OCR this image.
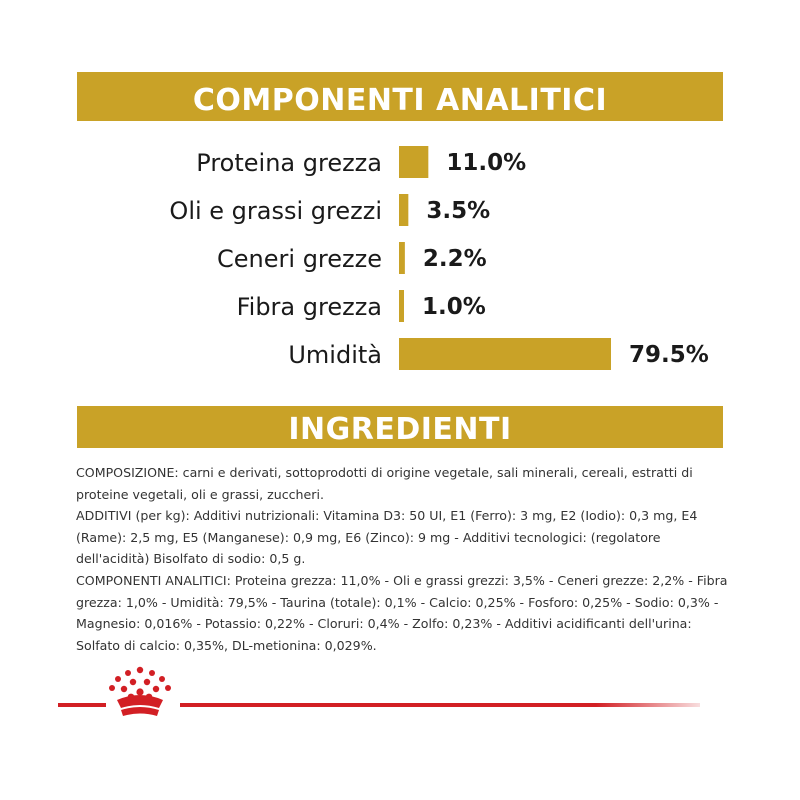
COMPONENTI ANALITICI
Proteina grezza	11.0%
Oli e grassi grezzi 3.5%
Ceneri grezze 2.2%
Fibra grezza 1.0%
Umidità	79.5%
INGREDIENTI

COMPOSIZIONE: carni e derivati, sottoprodotti di origine vegetale, sali minerali, cereali, estratti di proteine vegetali, oli e grassi, zuccheri.

ADDITIVI (per kg): Additivi nutrizionali: Vitamina D3: 50 UI, E1 (Ferro): 3 mg, E2 (Iodio): 0,3 mg, E4 (Rame): 2,5 mg, E5 (Manganese): 0,9 mg, E6 (Zinco): 9 mg - Additivi tecnologici: (regolatore dell'acidità) Bisolfato di sodio: 0,5 g.

COMPONENTI ANALITICI: Proteina grezza: 11,0% - Oli e grassi grezzi: 3,5% - Ceneri grezze: 2,2% - Fibra grezza: 1,0% - Umidità: 79,5% - Taurina (totale): 0,1% - Calcio: 0,25% - Fosforo: 0,25% - Sodio: 0,3% - Magnesio: 0,016% - Potassio: 0,22% - Cloruri: 0,4% - Zolfo: 0,23% - Additivi acidificanti dell'urina: Solfato di calcio: 0,35%, DL-metionina: 0,029%.
